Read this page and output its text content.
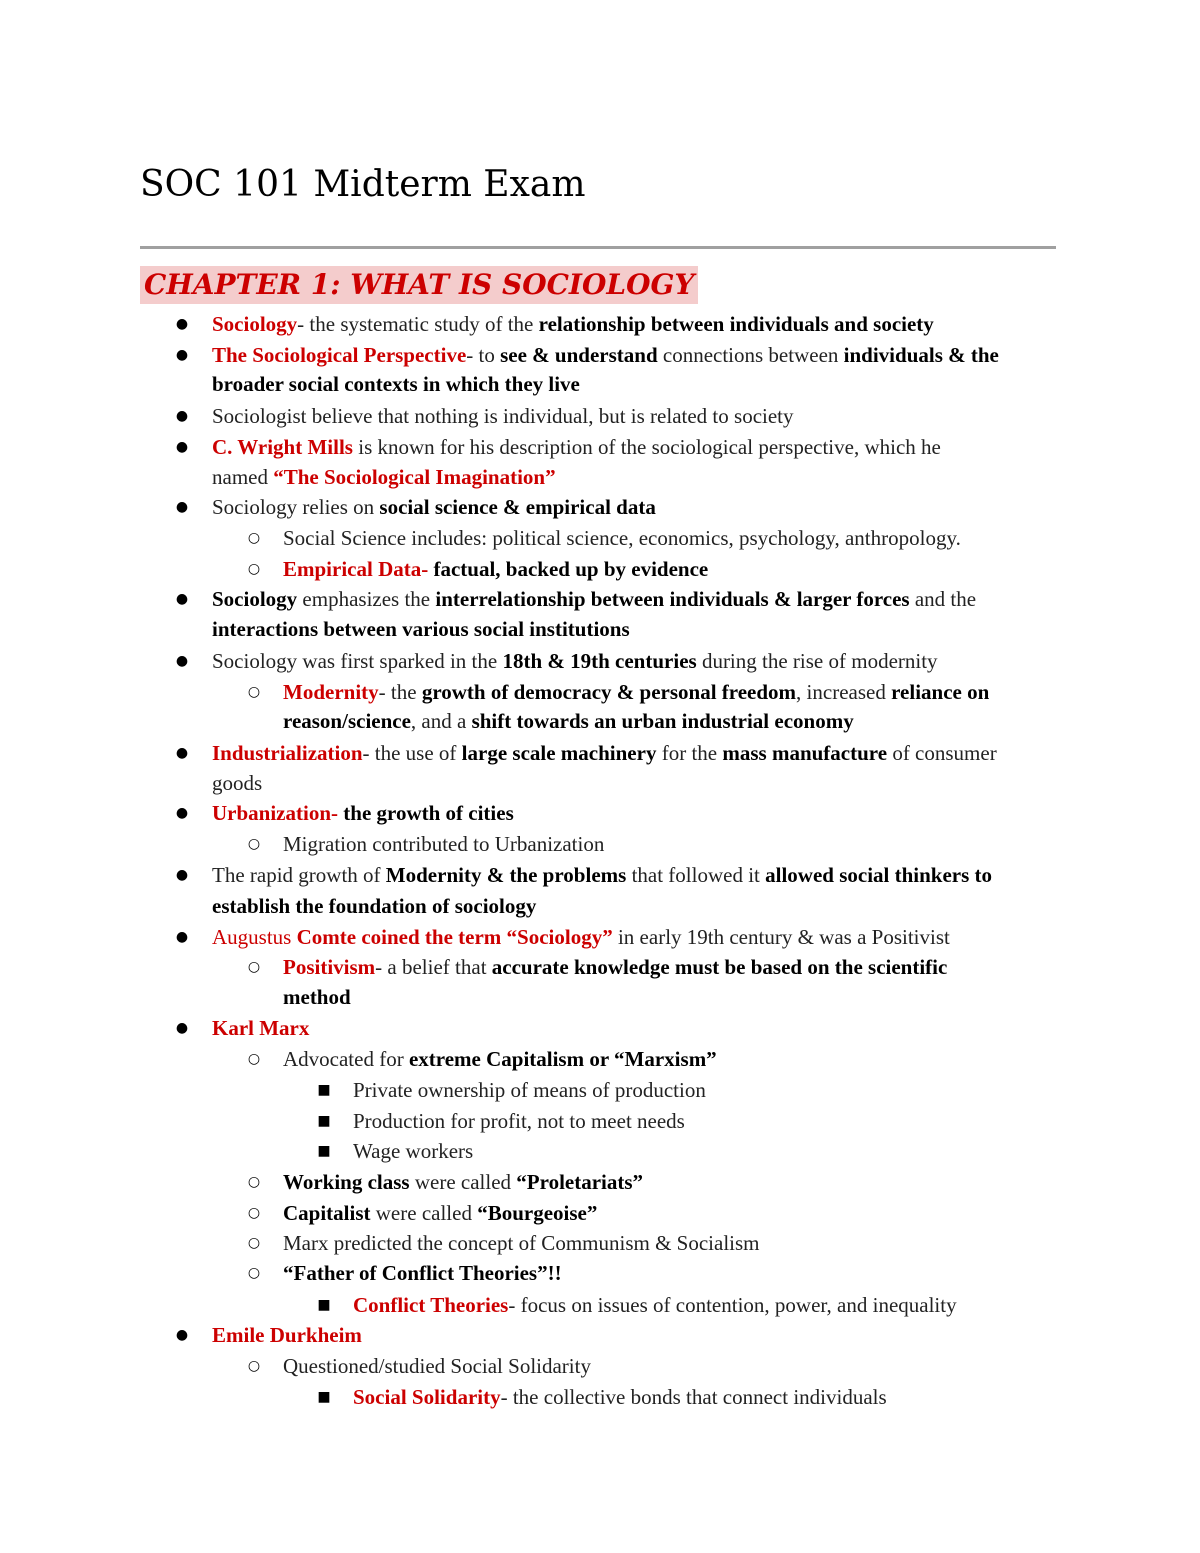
SOC 101 Midterm Exam
CHAPTER 1: WHAT IS SOCIOLOGY
● Sociology- the systematic study of the relationship between individuals and society
● The Sociological Perspective- to see & understand connections between individuals & the
broader social contexts in which they live
● Sociologist believe that nothing is individual, but is related to society
● C. Wright Mills is known for his description of the sociological perspective, which he
named “The Sociological Imagination”
● Sociology relies on social science & empirical data
○ Social Science includes: political science, economics, psychology, anthropology.
○ Empirical Data- factual, backed up by evidence
● Sociology emphasizes the interrelationship between individuals & larger forces and the
interactions between various social institutions
● Sociology was first sparked in the 18th & 19th centuries during the rise of modernity
○ Modernity- the growth of democracy & personal freedom, increased reliance on
reason/science, and a shift towards an urban industrial economy
● Industrialization- the use of large scale machinery for the mass manufacture of consumer
goods
● Urbanization- the growth of cities
○ Migration contributed to Urbanization
● The rapid growth of Modernity & the problems that followed it allowed social thinkers to
establish the foundation of sociology
● Augustus Comte coined the term “Sociology” in early 19th century & was a Positivist
○ Positivism- a belief that accurate knowledge must be based on the scientific
method
● Karl Marx
○ Advocated for extreme Capitalism or “Marxism”
■ Private ownership of means of production
■ Production for profit, not to meet needs
■ Wage workers
○ Working class were called “Proletariats”
○ Capitalist were called “Bourgeoise”
○ Marx predicted the concept of Communism & Socialism
○ “Father of Conflict Theories”!!
■ Conflict Theories- focus on issues of contention, power, and inequality
● Emile Durkheim
○ Questioned/studied Social Solidarity
■ Social Solidarity- the collective bonds that connect individuals
